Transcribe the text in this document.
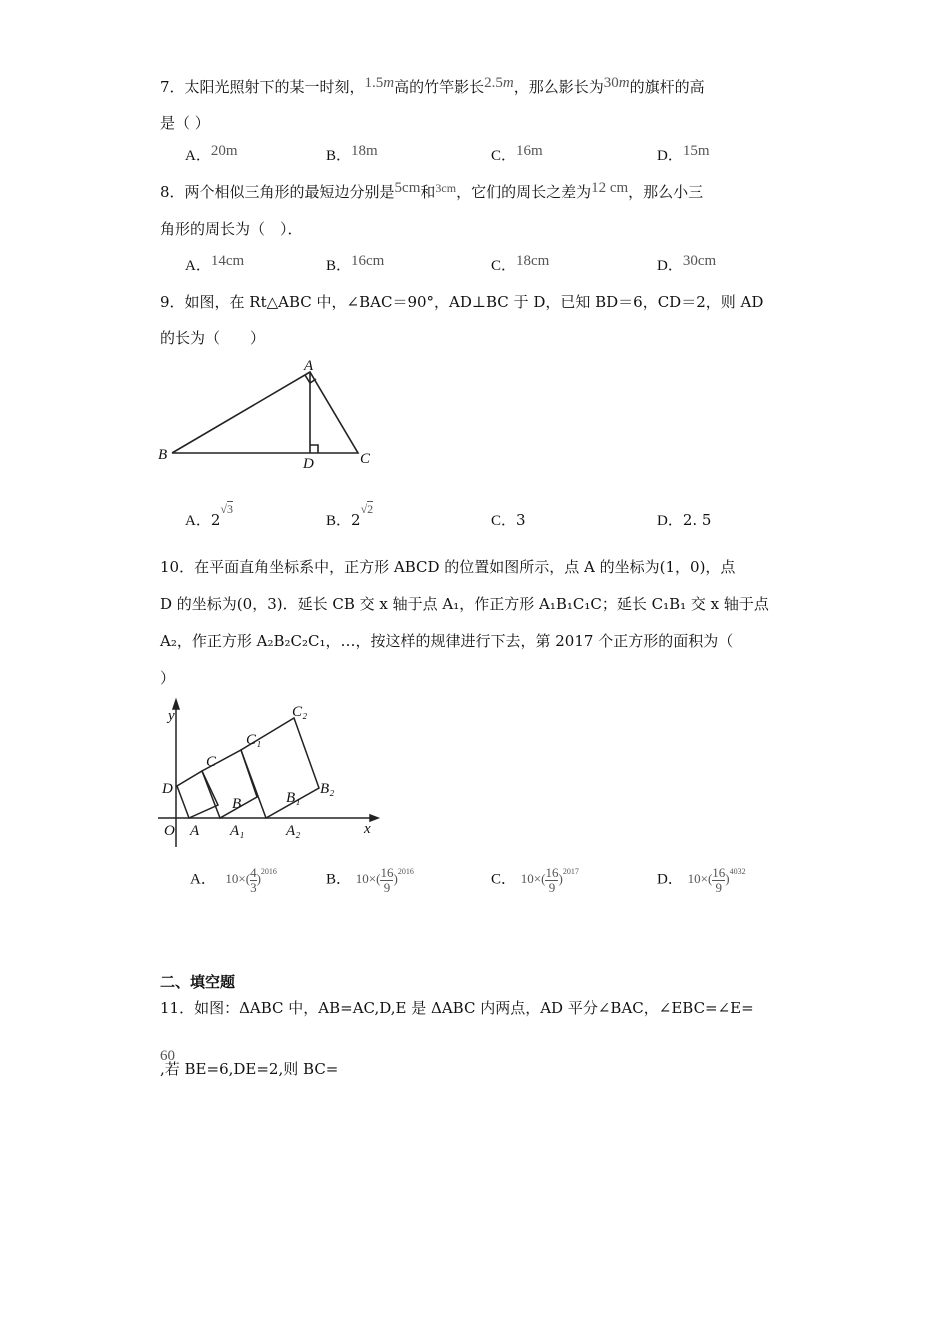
7．太阳光照射下的某一时刻，1.5m高的竹竿影长2.5m，那么影长为30m的旗杆的高
是（ ）
A．20m	B．18m	C．16m	D．15m
8．两个相似三角形的最短边分别是5cm和$^{3cm}$，它们的周长之差为12 cm，那么小三
角形的周长为（　）．
A．14cm	B．16cm	C．18cm	D．30cm
9．如图，在 Rt△ABC 中，∠BAC＝90°，AD⊥BC 于 D，已知 BD＝6，CD＝2，则 AD
的长为（　　）
A
B	C
D
A．$2^{√3}$
B．$2^{√2}$
C．3	D．2. 5
10．在平面直角坐标系中，正方形 ABCD 的位置如图所示，点 A 的坐标为(1，0)，点
D 的坐标为(0，3)．延长 CB 交 x 轴于点 A₁，作正方形 A₁B₁C₁C；延长 C₁B₁ 交 x 轴于点
A₂，作正方形 A₂B₂C₂C₁，…，按这样的规律进行下去，第 2017 个正方形的面积为（
）
y
x
O A A₁	A₂
B	B₁
B₂
D
C
C₁
C₂
A． $10\times( \frac{4}{3} )^{2016}$	B． $10\times( \frac{16}{9} )^{2016}$	C． $10\times( \frac{16}{9} )^{2017}$	D． $10\times( \frac{16}{9} )^{4032}$
二、填空题
11．如图：ΔABC 中，AB=AC,D,E 是 ΔABC 内两点，AD 平分∠BAC，∠EBC=∠E=
60
,若 BE=6,DE=2,则 BC=
